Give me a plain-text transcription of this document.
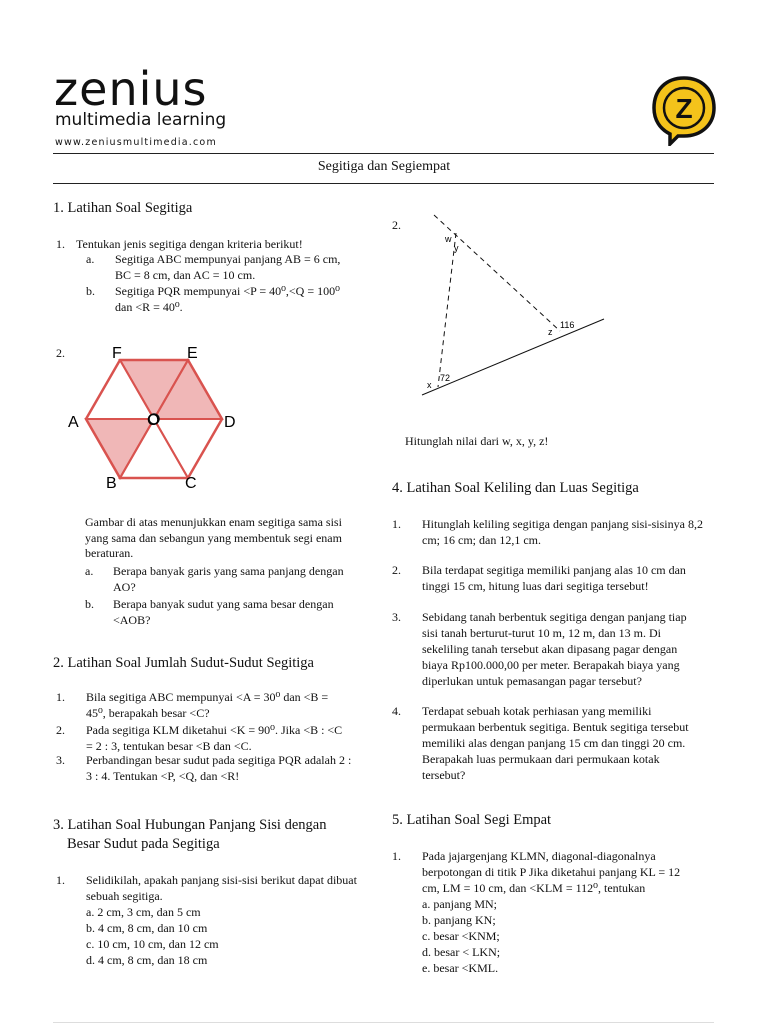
zenius
multimedia learning
www.zeniusmultimedia.com
Z
Segitiga dan Segiempat
1. Latihan Soal Segitiga
1. Tentukan jenis segitiga dengan kriteria berikut!
a. Segitiga ABC mempunyai panjang AB = 6 cm,
BC = 8 cm, dan AC = 10 cm.
b. Segitiga PQR mempunyai <P = 40⁰,<Q = 100⁰
dan <R = 40⁰.
2.	F	E
A	D
B	C
O
Gambar di atas menunjukkan enam segitiga sama sisi
yang sama dan sebangun yang membentuk segi enam
beraturan.
a. Berapa banyak garis yang sama panjang dengan
AO?
b. Berapa banyak sudut yang sama besar dengan
<AOB?
2. Latihan Soal Jumlah Sudut-Sudut Segitiga
1. Bila segitiga ABC mempunyai <A = 30⁰ dan <B =
45⁰, berapakah besar <C?
2. Pada segitiga KLM diketahui <K = 90⁰. Jika <B : <C
= 2 : 3, tentukan besar <B dan <C.
3. Perbandingan besar sudut pada segitiga PQR adalah 2 :
3 : 4. Tentukan <P, <Q, dan <R!
3. Latihan Soal Hubungan Panjang Sisi dengan
Besar Sudut pada Segitiga
1. Selidikilah, apakah panjang sisi-sisi berikut dapat dibuat
sebuah segitiga.
a. 2 cm, 3 cm, dan 5 cm
b. 4 cm, 8 cm, dan 10 cm
c. 10 cm, 10 cm, dan 12 cm
d. 4 cm, 8 cm, dan 18 cm
2.
w
y
z
116
x
72
Hitunglah nilai dari w, x, y, z!
4. Latihan Soal Keliling dan Luas Segitiga
1. Hitunglah keliling segitiga dengan panjang sisi-sisinya 8,2
cm; 16 cm; dan 12,1 cm.
2. Bila terdapat segitiga memiliki panjang alas 10 cm dan
tinggi 15 cm, hitung luas dari segitiga tersebut!
3. Sebidang tanah berbentuk segitiga dengan panjang tiap
sisi tanah berturut-turut 10 m, 12 m, dan 13 m. Di
sekeliling tanah tersebut akan dipasang pagar dengan
biaya Rp100.000,00 per meter. Berapakah biaya yang
diperlukan untuk pemasangan pagar tersebut?
4. Terdapat sebuah kotak perhiasan yang memiliki
permukaan berbentuk segitiga. Bentuk segitiga tersebut
memiliki alas dengan panjang 15 cm dan tinggi 20 cm.
Berapakah luas permukaan dari permukaan kotak
tersebut?
5. Latihan Soal Segi Empat
1. Pada jajargenjang KLMN, diagonal-diagonalnya
berpotongan di titik P Jika diketahui panjang KL = 12
cm, LM = 10 cm, dan <KLM = 112⁰, tentukan
a. panjang MN;
b. panjang KN;
c. besar <KNM;
d. besar < LKN;
e. besar <KML.
